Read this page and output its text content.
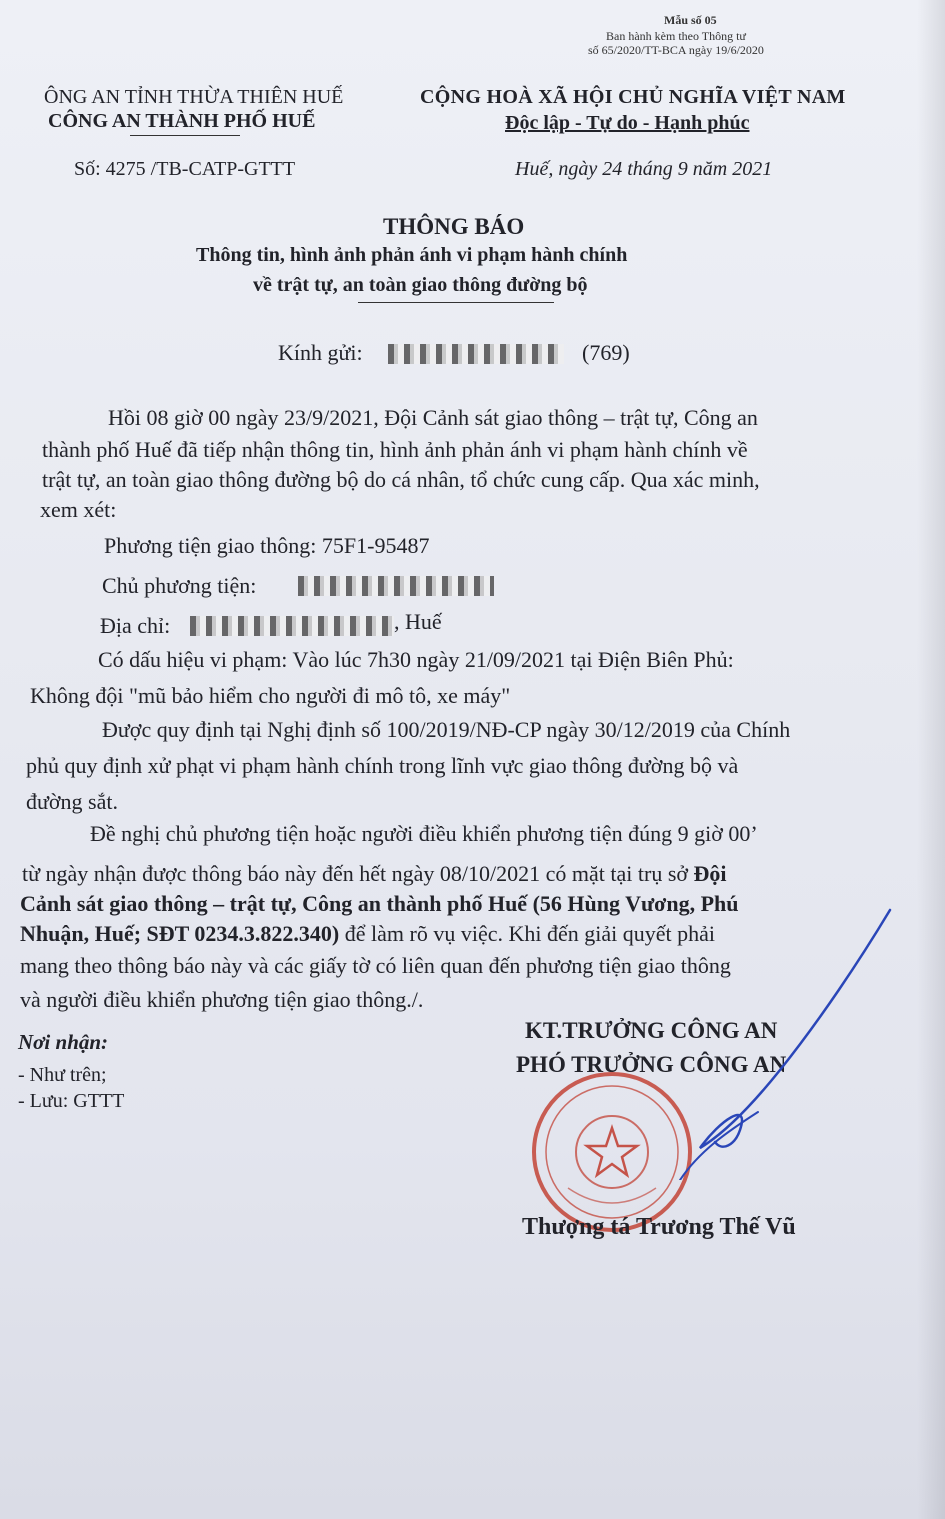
Mẫu số 05
Ban hành kèm theo Thông tư
số 65/2020/TT-BCA ngày 19/6/2020
ÔNG AN TỈNH THỪA THIÊN HUẾ
CÔNG AN THÀNH PHỐ HUẾ
Số: 4275 /TB-CATP-GTTT
CỘNG HOÀ XÃ HỘI CHỦ NGHĨA VIỆT NAM
Độc lập - Tự do - Hạnh phúc
Huế, ngày 24 tháng 9 năm 2021
THÔNG BÁO
Thông tin, hình ảnh phản ánh vi phạm hành chính
về trật tự, an toàn giao thông đường bộ
Kính gửi:	(769)
Hồi 08 giờ 00 ngày 23/9/2021, Đội Cảnh sát giao thông – trật tự, Công an
thành phố Huế đã tiếp nhận thông tin, hình ảnh phản ánh vi phạm hành chính về
trật tự, an toàn giao thông đường bộ do cá nhân, tổ chức cung cấp. Qua xác minh,
xem xét:
Phương tiện giao thông: 75F1-95487
Chủ phương tiện:
Địa chỉ:	, Huế
Có dấu hiệu vi phạm: Vào lúc 7h30 ngày 21/09/2021 tại Điện Biên Phủ:
Không đội "mũ bảo hiểm cho người đi mô tô, xe máy"
Được quy định tại Nghị định số 100/2019/NĐ-CP ngày 30/12/2019 của Chính
phủ quy định xử phạt vi phạm hành chính trong lĩnh vực giao thông đường bộ và
đường sắt.
Đề nghị chủ phương tiện hoặc người điều khiển phương tiện đúng 9 giờ 00’
từ ngày nhận được thông báo này đến hết ngày 08/10/2021 có mặt tại trụ sở Đội
Cảnh sát giao thông – trật tự, Công an thành phố Huế (56 Hùng Vương, Phú
Nhuận, Huế; SĐT 0234.3.822.340) để làm rõ vụ việc. Khi đến giải quyết phải
mang theo thông báo này và các giấy tờ có liên quan đến phương tiện giao thông
và người điều khiển phương tiện giao thông./.
Nơi nhận:
- Như trên;
- Lưu: GTTT
KT.TRƯỞNG CÔNG AN
PHÓ TRƯỞNG CÔNG AN
Thượng tá Trương Thế Vũ
